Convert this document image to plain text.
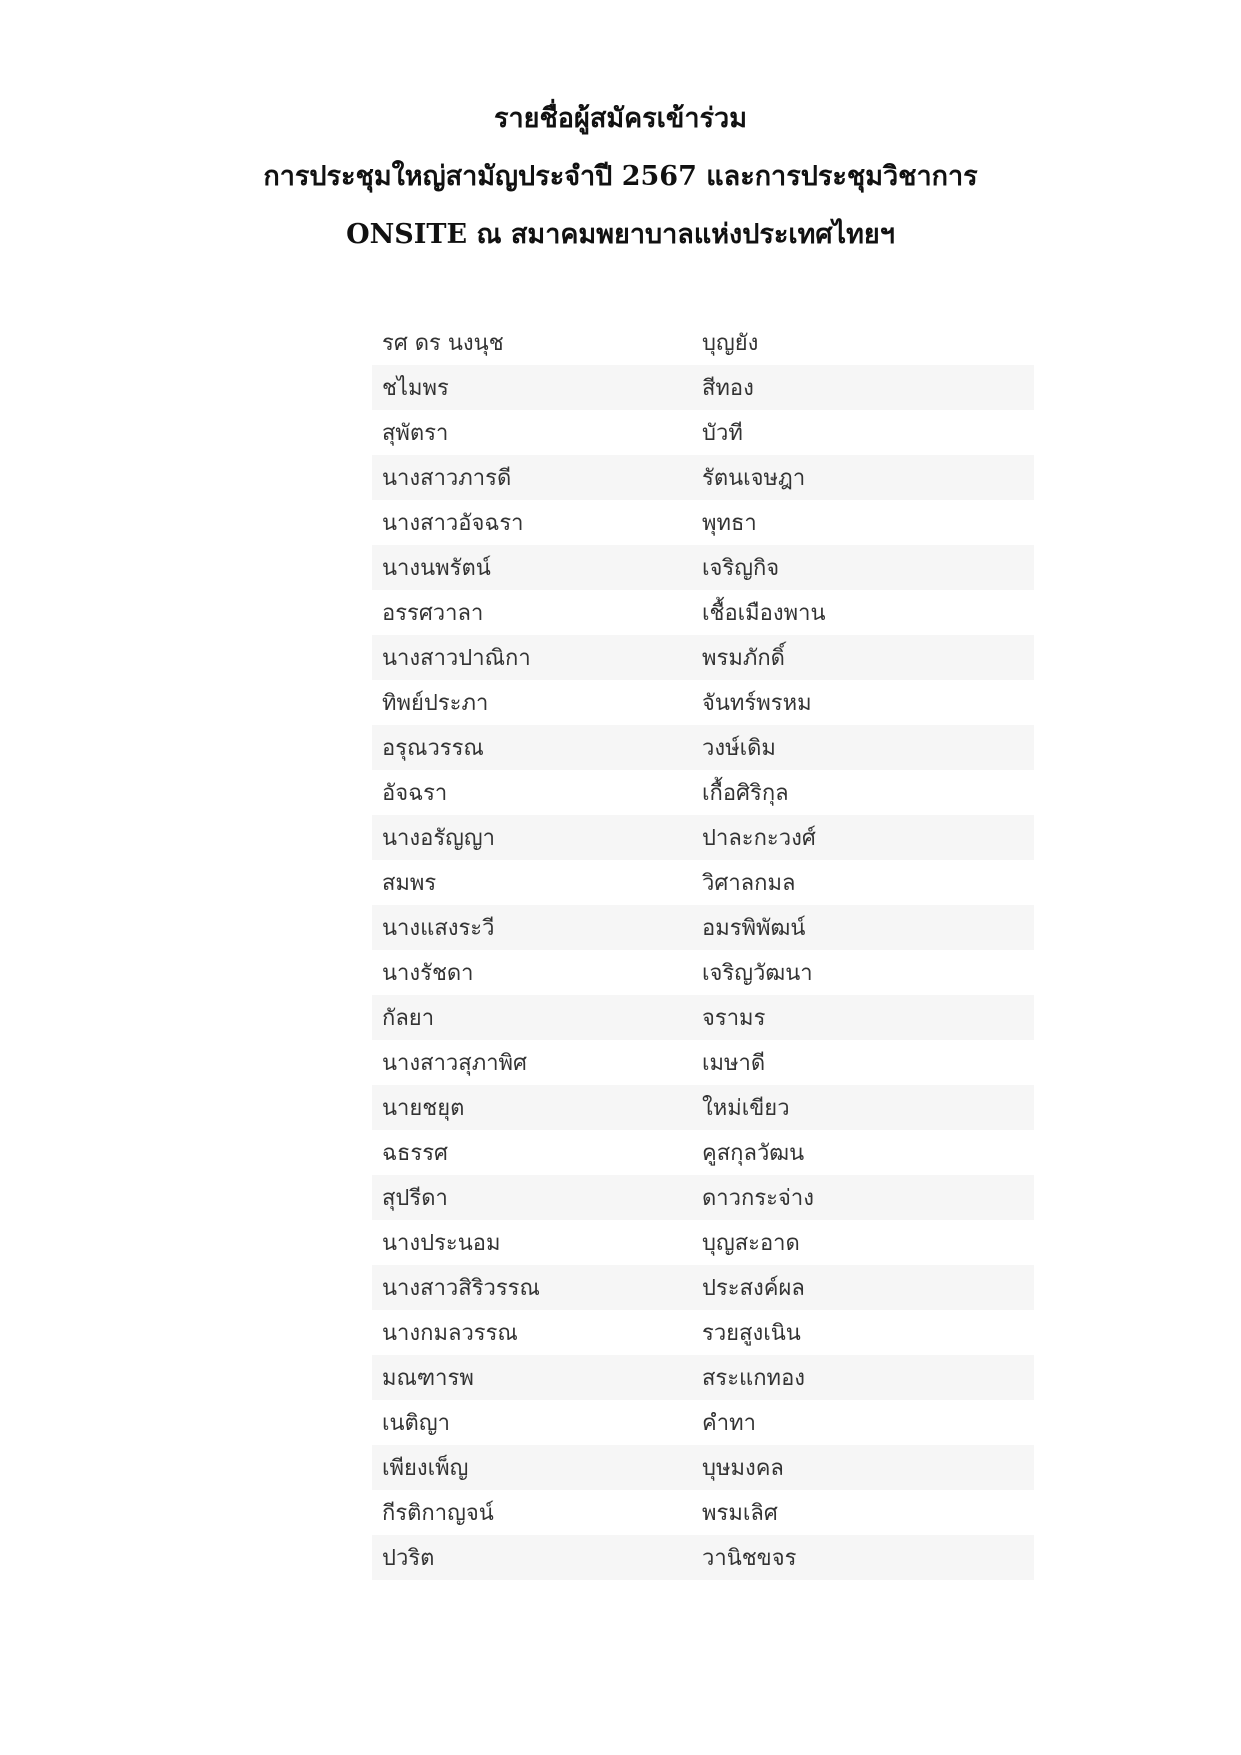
รายชื่อผู้สมัครเข้าร่วม
การประชุมใหญ่สามัญประจำปี 2567 และการประชุมวิชาการ
ONSITE ณ สมาคมพยาบาลแห่งประเทศไทยฯ
รศ ดร นงนุช	บุญยัง
ชไมพร	สีทอง
สุพัตรา	บัวที
นางสาวภารดี	รัตนเจษฎา
นางสาวอัจฉรา	พุทธา
นางนพรัตน์	เจริญกิจ
อรรศวาลา	เชื้อเมืองพาน
นางสาวปาณิกา	พรมภักดิ์
ทิพย์ประภา	จันทร์พรหม
อรุณวรรณ	วงษ์เดิม
อัจฉรา	เกื้อศิริกุล
นางอรัญญา	ปาละกะวงศ์
สมพร	วิศาลกมล
นางแสงระวี	อมรพิพัฒน์
นางรัชดา	เจริญวัฒนา
กัลยา	จรามร
นางสาวสุภาพิศ	เมษาดี
นายชยุต	ใหม่เขียว
ฉธรรศ	คูสกุลวัฒน
สุปรีดา	ดาวกระจ่าง
นางประนอม	บุญสะอาด
นางสาวสิริวรรณ	ประสงค์ผล
นางกมลวรรณ	รวยสูงเนิน
มณฑารพ	สระแกทอง
เนติญา	คำทา
เพียงเพ็ญ	บุษมงคล
กีรติกาญจน์	พรมเลิศ
ปวริต	วานิชขจร
